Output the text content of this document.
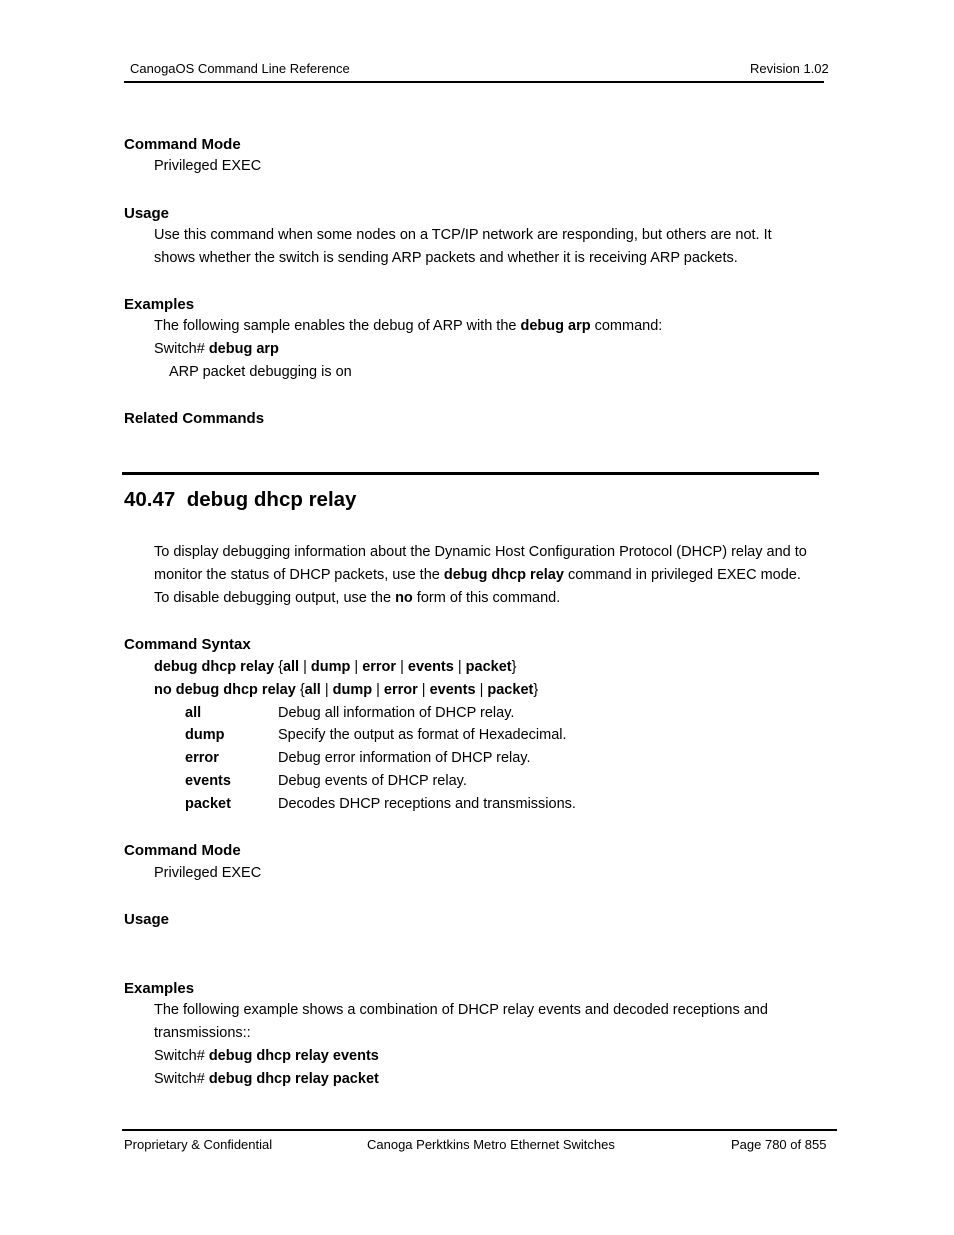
CanogaOS Command Line Reference	Revision 1.02
Command Mode
Privileged EXEC
Usage
Use this command when some nodes on a TCP/IP network are responding, but others are not. It
shows whether the switch is sending ARP packets and whether it is receiving ARP packets.
Examples
The following sample enables the debug of ARP with the debug arp command:
Switch# debug arp
ARP packet debugging is on
Related Commands
40.47 debug dhcp relay
To display debugging information about the Dynamic Host Configuration Protocol (DHCP) relay and to
monitor the status of DHCP packets, use the debug dhcp relay command in privileged EXEC mode.
To disable debugging output, use the no form of this command.
Command Syntax
debug dhcp relay {all | dump | error | events | packet}
no debug dhcp relay {all | dump | error | events | packet}
all	Debug all information of DHCP relay.
dump	Specify the output as format of Hexadecimal.
error	Debug error information of DHCP relay.
events	Debug events of DHCP relay.
packet	Decodes DHCP receptions and transmissions.
Command Mode
Privileged EXEC
Usage
Examples
The following example shows a combination of DHCP relay events and decoded receptions and
transmissions::
Switch# debug dhcp relay events
Switch# debug dhcp relay packet
Proprietary & Confidential	Canoga Perktkins Metro Ethernet Switches	Page 780 of 855
